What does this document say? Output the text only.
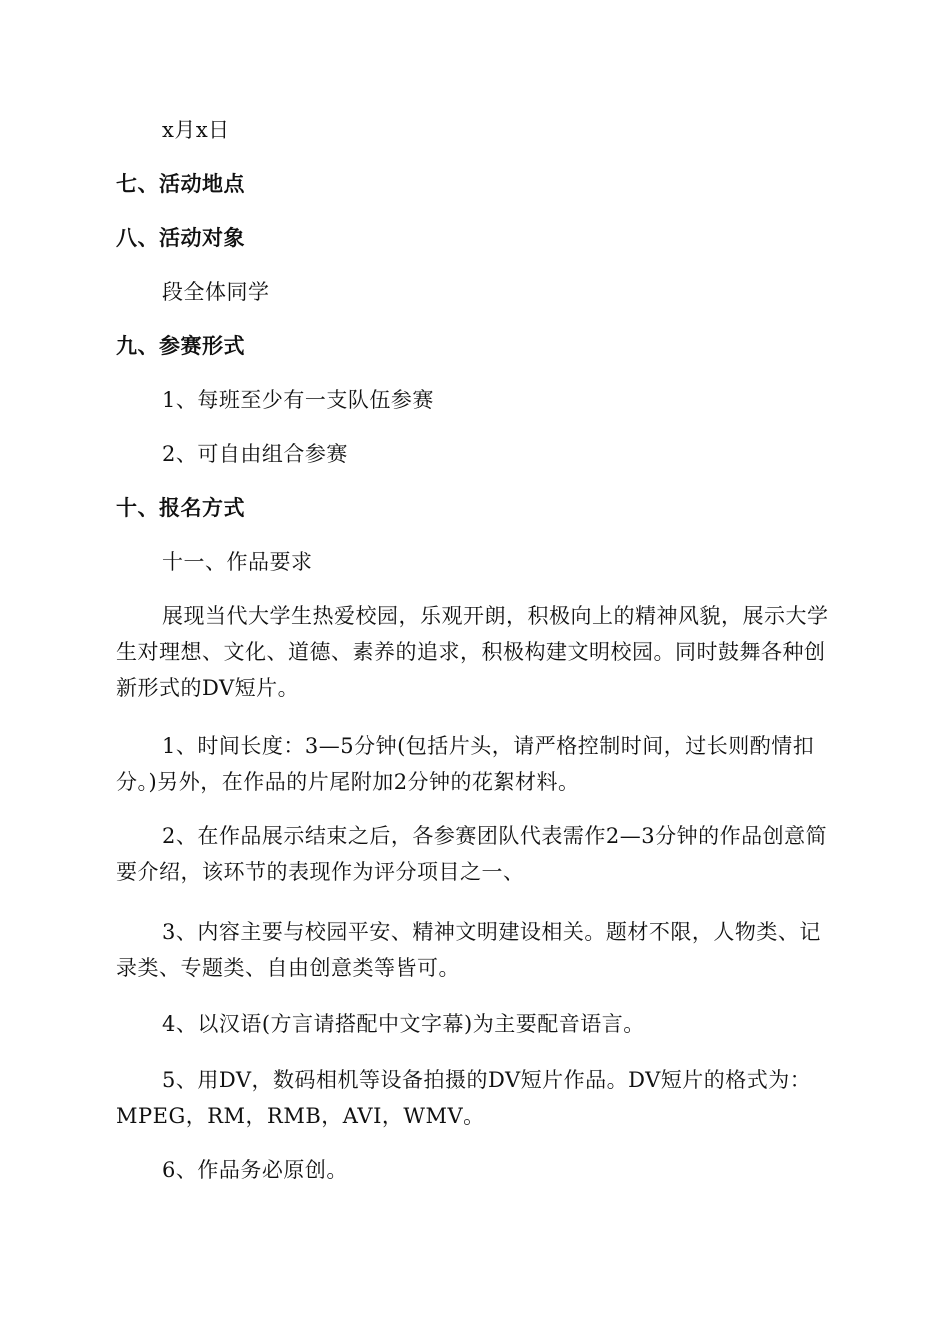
x月x日

七、活动地点

八、活动对象

段全体同学

九、参赛形式

1、每班至少有一支队伍参赛

2、可自由组合参赛

十、报名方式

十一、作品要求

展现当代大学生热爱校园，乐观开朗，积极向上的精神风貌，展示大学生对理想、文化、道德、素养的追求，积极构建文明校园。同时鼓舞各种创新形式的DV短片。

1、时间长度：3—5分钟(包括片头，请严格控制时间，过长则酌情扣分。)另外，在作品的片尾附加2分钟的花絮材料。

2、在作品展示结束之后，各参赛团队代表需作2—3分钟的作品创意简要介绍，该环节的表现作为评分项目之一、

3、内容主要与校园平安、精神文明建设相关。题材不限，人物类、记录类、专题类、自由创意类等皆可。

4、以汉语(方言请搭配中文字幕)为主要配音语言。

5、用DV，数码相机等设备拍摄的DV短片作品。DV短片的格式为：MPEG，RM，RMB，AVI，WMV。

6、作品务必原创。
